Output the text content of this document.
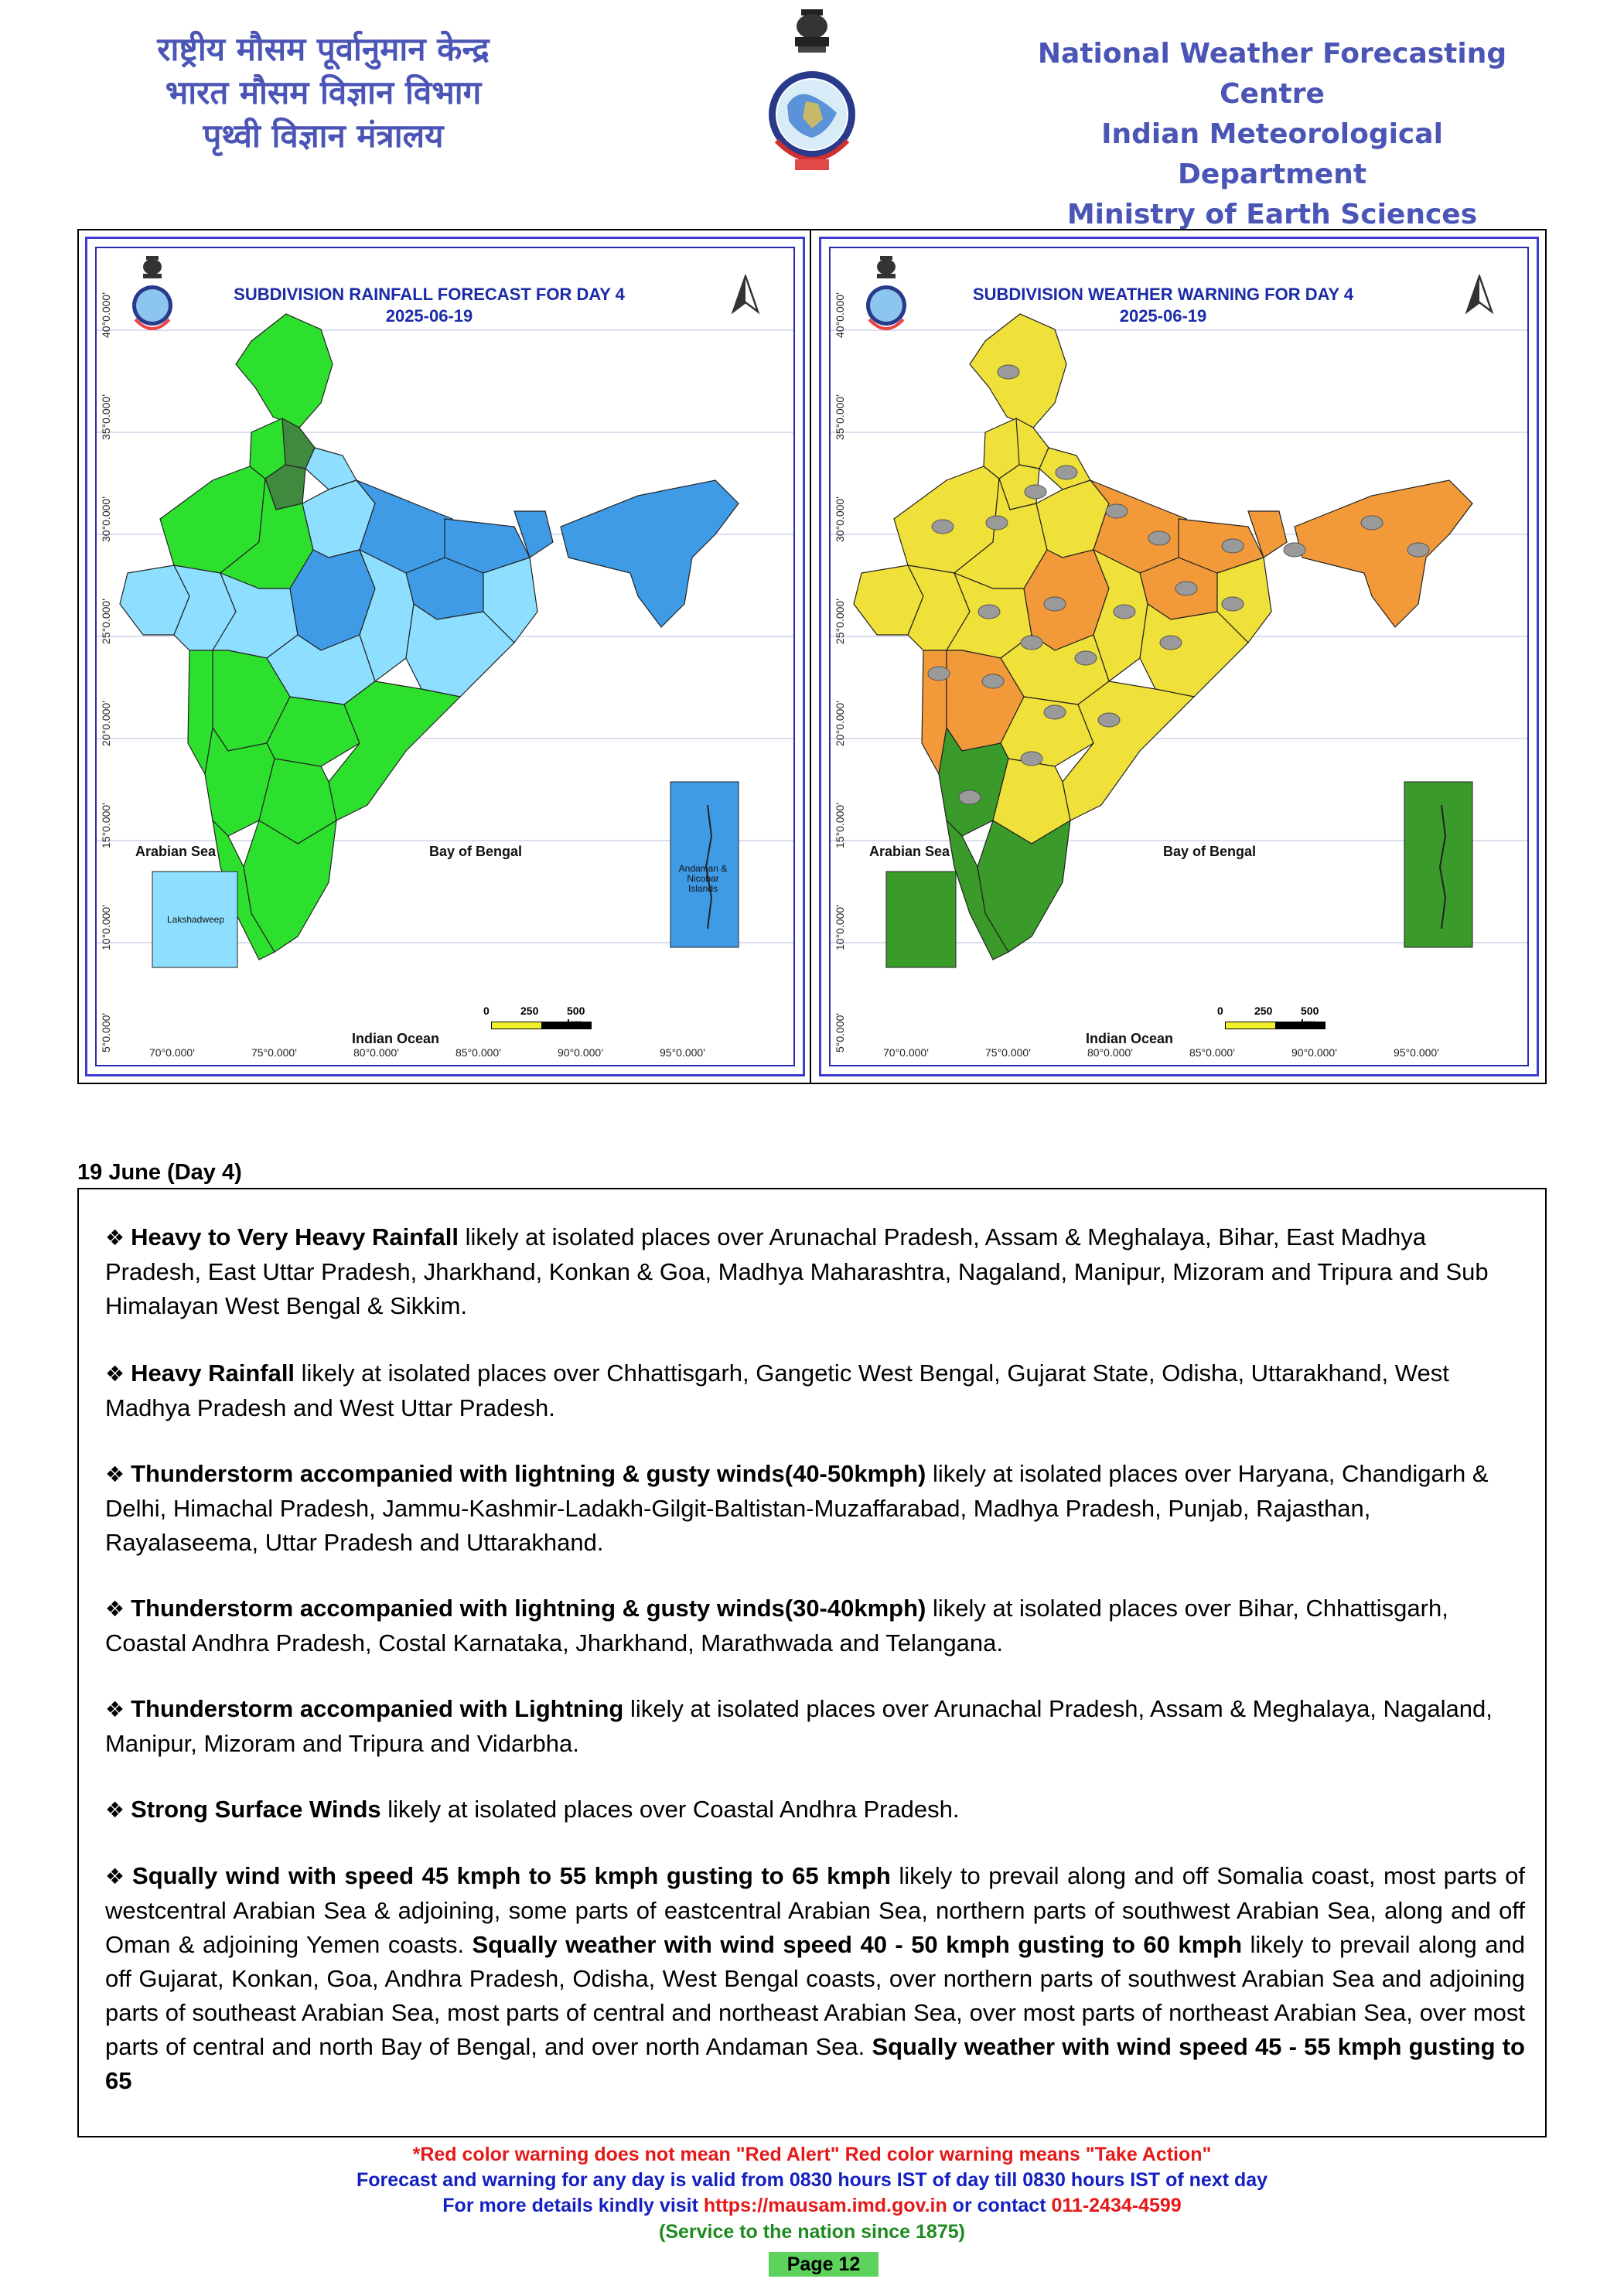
राष्ट्रीय मौसम पूर्वानुमान केन्द्र
भारत मौसम विज्ञान विभाग
पृथ्वी विज्ञान मंत्रालय
National Weather Forecasting Centre
Indian Meteorological Department
Ministry of Earth Sciences
SUBDIVISION RAINFALL FORECAST FOR DAY 4
2025-06-19
40°0.000'
35°0.000'
30°0.000'
25°0.000'
20°0.000'
15°0.000'
10°0.000'
5°0.000'	70°0.000'	75°0.000'	80°0.000'	85°0.000'	90°0.000'	95°0.000'
Arabian Sea	Bay of Bengal
Indian Ocean
Lakshadweep
Andaman & Nicobar Islands
0	250	500
SUBDIVISION WEATHER WARNING FOR DAY 4
2025-06-19
40°0.000'
35°0.000'
30°0.000'
25°0.000'
20°0.000'
15°0.000'
10°0.000'
5°0.000'	70°0.000'	75°0.000'	80°0.000'	85°0.000'	90°0.000'	95°0.000'
Arabian Sea	Bay of Bengal
Indian Ocean
0	250	500
19 June (Day 4)
❖ Heavy to Very Heavy Rainfall likely at isolated places over Arunachal Pradesh, Assam & Meghalaya, Bihar, East Madhya Pradesh, East Uttar Pradesh, Jharkhand, Konkan & Goa, Madhya Maharashtra, Nagaland, Manipur, Mizoram and Tripura and Sub Himalayan West Bengal & Sikkim.
❖ Heavy Rainfall likely at isolated places over Chhattisgarh, Gangetic West Bengal, Gujarat State, Odisha, Uttarakhand, West Madhya Pradesh and West Uttar Pradesh.
❖ Thunderstorm accompanied with lightning & gusty winds(40-50kmph) likely at isolated places over Haryana, Chandigarh & Delhi, Himachal Pradesh, Jammu-Kashmir-Ladakh-Gilgit-Baltistan-Muzaffarabad, Madhya Pradesh, Punjab, Rajasthan, Rayalaseema, Uttar Pradesh and Uttarakhand.
❖ Thunderstorm accompanied with lightning & gusty winds(30-40kmph) likely at isolated places over Bihar, Chhattisgarh, Coastal Andhra Pradesh, Costal Karnataka, Jharkhand, Marathwada and Telangana.
❖ Thunderstorm accompanied with Lightning likely at isolated places over Arunachal Pradesh, Assam & Meghalaya, Nagaland, Manipur, Mizoram and Tripura and Vidarbha.
❖ Strong Surface Winds likely at isolated places over Coastal Andhra Pradesh.
❖ Squally wind with speed 45 kmph to 55 kmph gusting to 65 kmph likely to prevail along and off Somalia coast, most parts of westcentral Arabian Sea & adjoining, some parts of eastcentral Arabian Sea, northern parts of southwest Arabian Sea, along and off Oman & adjoining Yemen coasts. Squally weather with wind speed 40 - 50 kmph gusting to 60 kmph likely to prevail along and off Gujarat, Konkan, Goa, Andhra Pradesh, Odisha, West Bengal coasts, over northern parts of southwest Arabian Sea and adjoining parts of southeast Arabian Sea, most parts of central and northeast Arabian Sea, over most parts of northeast Arabian Sea, over most parts of central and north Bay of Bengal, and over north Andaman Sea. Squally weather with wind speed 45 - 55 kmph gusting to 65
*Red color warning does not mean "Red Alert" Red color warning means "Take Action"
Forecast and warning for any day is valid from 0830 hours IST of day till 0830 hours IST of next day
For more details kindly visit https://mausam.imd.gov.in or contact 011-2434-4599
(Service to the nation since 1875)
Page 12
